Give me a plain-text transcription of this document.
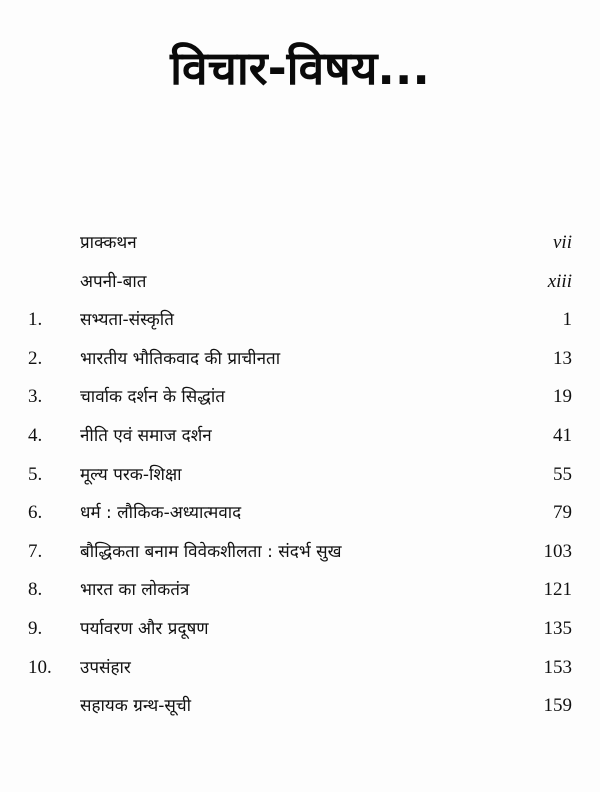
विचार-विषय...
प्राक्कथन	vii
अपनी-बात	xiii
1. सभ्यता-संस्कृति	1
2. भारतीय भौतिकवाद की प्राचीनता	13
3. चार्वाक दर्शन के सिद्धांत	19
4. नीति एवं समाज दर्शन	41
5. मूल्य परक-शिक्षा	55
6. धर्म : लौकिक-अध्यात्मवाद	79
7. बौद्धिकता बनाम विवेकशीलता : संदर्भ सुख	103
8. भारत का लोकतंत्र	121
9. पर्यावरण और प्रदूषण	135
10. उपसंहार	153
सहायक ग्रन्थ-सूची	159
